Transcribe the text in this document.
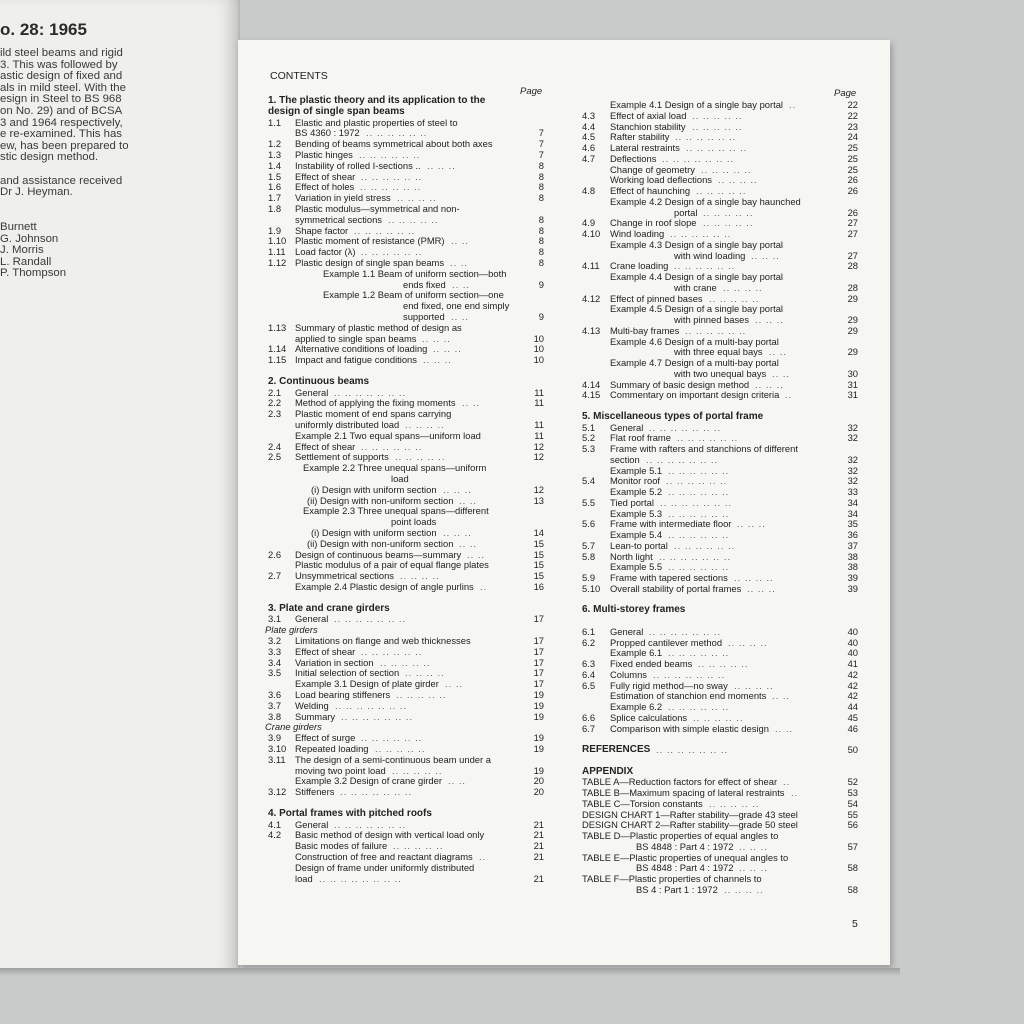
o. 28: 1965
ild steel beams and rigid
3. This was followed by
astic design of fixed and
als in mild steel. With the
esign in Steel to BS 968
on No. 29) and of BCSA
3 and 1964 respectively,
e re-examined. This has
ew, has been prepared to
stic design method.
and assistance received
Dr J. Heyman.
Burnett
G. Johnson
J. Morris
L. Randall
P. Thompson
CONTENTS
Page	Page
1. The plastic theory and its application to the
design of single span beams
1.1 Elastic and plastic properties of steel to
BS 4360 : 1972	7
.. .. .. .. .. ..
1.2 Bending of beams symmetrical about both axes	7
1.3 Plastic hinges	7
.. .. .. .. .. ..
1.4 Instability of rolled I-sections ..	8
.. .. ..
1.5 Effect of shear	8
.. .. .. .. .. ..
1.6 Effect of holes	8
.. .. .. .. .. ..
1.7 Variation in yield stress	8
.. .. .. ..
1.8 Plastic modulus—symmetrical and non-
symmetrical sections	8
.. .. .. .. ..
1.9 Shape factor	8
.. .. .. .. .. ..
1.10 Plastic moment of resistance (PMR)	8
.. ..
1.11 Load factor (λ)	8
.. .. .. .. .. ..
1.12 Plastic design of single span beams	8
.. ..
Example 1.1 Beam of uniform section—both
ends fixed	9
.. ..
Example 1.2 Beam of uniform section—one
end fixed, one end simply
supported	9
.. ..
1.13 Summary of plastic method of design as
applied to single span beams	10
.. .. ..
1.14 Alternative conditions of loading	10
.. .. ..
1.15 Impact and fatigue conditions	10
.. .. ..
2. Continuous beams
2.1 General	11
.. .. .. .. .. .. ..
2.2 Method of applying the fixing moments	11
.. ..
2.3 Plastic moment of end spans carrying
uniformly distributed load	11
.. .. .. ..
Example 2.1 Two equal spans—uniform load	11
2.4 Effect of shear	12
.. .. .. .. .. ..
2.5 Settlement of supports	12
.. .. .. .. ..
Example 2.2 Three unequal spans—uniform
load
(i) Design with uniform section	12
.. .. ..
(ii) Design with non-uniform section	13
.. ..
Example 2.3 Three unequal spans—different
point loads
(i) Design with uniform section	14
.. .. ..
(ii) Design with non-uniform section	15
.. ..
2.6 Design of continuous beams—summary	15
.. ..
Plastic modulus of a pair of equal flange plates	15
2.7 Unsymmetrical sections	15
.. .. .. ..
Example 2.4 Plastic design of angle purlins	16
..
3. Plate and crane girders
3.1 General	17
.. .. .. .. .. .. ..
Plate girders
3.2 Limitations on flange and web thicknesses	17
3.3 Effect of shear	17
.. .. .. .. .. ..
3.4 Variation in section	17
.. .. .. .. ..
3.5 Initial selection of section	17
.. .. .. ..
Example 3.1 Design of plate girder	17
.. ..
3.6 Load bearing stiffeners	19
.. .. .. .. ..
3.7 Welding	19
.. .. .. .. .. .. ..
3.8 Summary	19
.. .. .. .. .. .. ..
Crane girders
3.9 Effect of surge	19
.. .. .. .. .. ..
3.10 Repeated loading	19
.. .. .. .. ..
3.11 The design of a semi-continuous beam under a
moving two point load	19
.. .. .. .. ..
Example 3.2 Design of crane girder	20
.. ..
3.12 Stiffeners	20
.. .. .. .. .. .. ..
4. Portal frames with pitched roofs
4.1 General	21
.. .. .. .. .. .. ..
4.2 Basic method of design with vertical load only	21
Basic modes of failure	21
.. .. .. .. ..
Construction of free and reactant diagrams	21
..
Design of frame under uniformly distributed
load	21
.. .. .. .. .. .. .. ..
Example 4.1 Design of a single bay portal	22
..
4.3 Effect of axial load	22
.. .. .. .. ..
4.4 Stanchion stability	23
.. .. .. .. ..
4.5 Rafter stability	24
.. .. .. .. .. ..
4.6 Lateral restraints	25
.. .. .. .. .. ..
4.7 Deflections	25
.. .. .. .. .. .. ..
Change of geometry	25
.. .. .. .. ..
Working load deflections	26
.. .. .. ..
4.8 Effect of haunching	26
.. .. .. .. ..
Example 4.2 Design of a single bay haunched
portal	26
.. .. .. .. ..
4.9 Change in roof slope	27
.. .. .. .. ..
4.10 Wind loading	27
.. .. .. .. .. ..
Example 4.3 Design of a single bay portal
with wind loading	27
.. .. ..
4.11 Crane loading	28
.. .. .. .. .. ..
Example 4.4 Design of a single bay portal
with crane	28
.. .. .. ..
4.12 Effect of pinned bases	29
.. .. .. .. ..
Example 4.5 Design of a single bay portal
with pinned bases	29
.. .. ..
4.13 Multi-bay frames	29
.. .. .. .. .. ..
Example 4.6 Design of a multi-bay portal
with three equal bays	29
.. ..
Example 4.7 Design of a multi-bay portal
with two unequal bays	30
.. ..
4.14 Summary of basic design method	31
.. .. ..
4.15 Commentary on important design criteria	31
..
5. Miscellaneous types of portal frame
5.1 General	32
.. .. .. .. .. .. ..
5.2 Flat roof frame	32
.. .. .. .. .. ..
5.3 Frame with rafters and stanchions of different
section	32
.. .. .. .. .. .. ..
Example 5.1	32
.. .. .. .. .. ..
5.4 Monitor roof	32
.. .. .. .. .. ..
Example 5.2	33
.. .. .. .. .. ..
5.5 Tied portal	34
.. .. .. .. .. .. ..
Example 5.3	34
.. .. .. .. .. ..
5.6 Frame with intermediate floor	35
.. .. ..
Example 5.4	36
.. .. .. .. .. ..
5.7 Lean-to portal	37
.. .. .. .. .. ..
5.8 North light	38
.. .. .. .. .. .. ..
Example 5.5	38
.. .. .. .. .. ..
5.9 Frame with tapered sections	39
.. .. .. ..
5.10 Overall stability of portal frames	39
.. .. ..
6. Multi-storey frames
6.1 General	40
.. .. .. .. .. .. ..
6.2 Propped cantilever method	40
.. .. .. ..
Example 6.1	40
.. .. .. .. .. ..
6.3 Fixed ended beams	41
.. .. .. .. ..
6.4 Columns	42
.. .. .. .. .. .. ..
6.5 Fully rigid method—no sway	42
.. .. .. ..
Estimation of stanchion end moments	42
.. ..
Example 6.2	44
.. .. .. .. .. ..
6.6 Splice calculations	45
.. .. .. .. ..
6.7 Comparison with simple elastic design	46
.. ..
REFERENCES	50
.. .. .. .. .. .. ..
APPENDIX
TABLE A—Reduction factors for effect of shear	52
..
TABLE B—Maximum spacing of lateral restraints	53
..
TABLE C—Torsion constants	54
.. .. .. .. ..
DESIGN CHART 1—Rafter stability—grade 43 steel	55
DESIGN CHART 2—Rafter stability—grade 50 steel	56
TABLE D—Plastic properties of equal angles to
BS 4848 : Part 4 : 1972	57
.. .. ..
TABLE E—Plastic properties of unequal angles to
BS 4848 : Part 4 : 1972	58
.. .. ..
TABLE F—Plastic properties of channels to
BS 4 : Part 1 : 1972	58
.. .. .. ..
5
